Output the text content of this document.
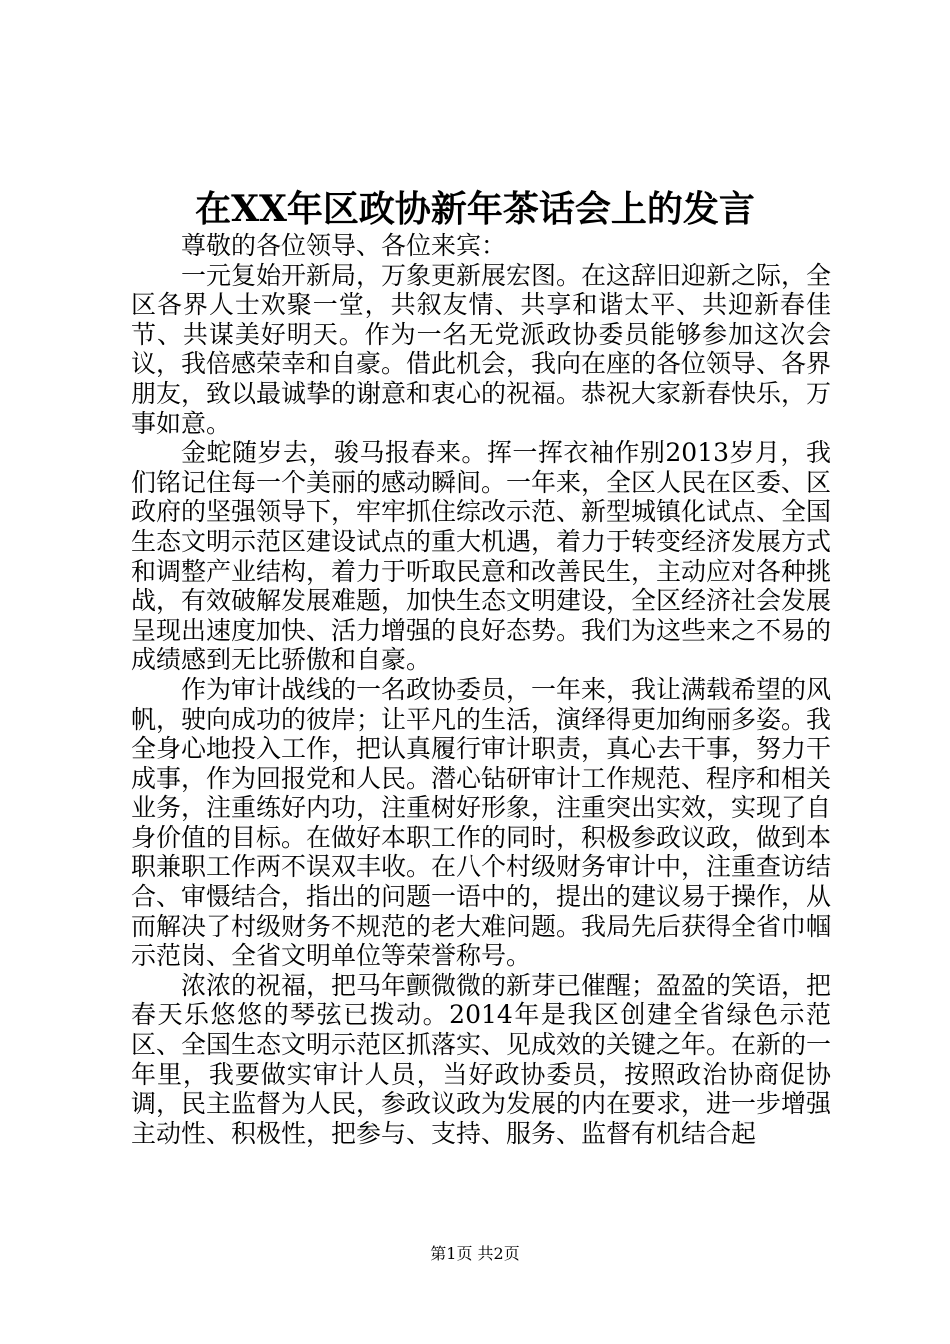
在XX年区政协新年茶话会上的发言

尊敬的各位领导、各位来宾：

一元复始开新局，万象更新展宏图。在这辞旧迎新之际，全区各界人士欢聚一堂，共叙友情、共享和谐太平、共迎新春佳节、共谋美好明天。作为一名无党派政协委员能够参加这次会议，我倍感荣幸和自豪。借此机会，我向在座的各位领导、各界朋友，致以最诚挚的谢意和衷心的祝福。恭祝大家新春快乐，万事如意。

金蛇随岁去，骏马报春来。挥一挥衣袖作别2013岁月，我们铭记住每一个美丽的感动瞬间。一年来，全区人民在区委、区政府的坚强领导下，牢牢抓住综改示范、新型城镇化试点、全国生态文明示范区建设试点的重大机遇，着力于转变经济发展方式和调整产业结构，着力于听取民意和改善民生，主动应对各种挑战，有效破解发展难题，加快生态文明建设，全区经济社会发展呈现出速度加快、活力增强的良好态势。我们为这些来之不易的成绩感到无比骄傲和自豪。

作为审计战线的一名政协委员，一年来，我让满载希望的风帆，驶向成功的彼岸；让平凡的生活，演绎得更加绚丽多姿。我全身心地投入工作，把认真履行审计职责，真心去干事，努力干成事，作为回报党和人民。潜心钻研审计工作规范、程序和相关业务，注重练好内功，注重树好形象，注重突出实效，实现了自身价值的目标。在做好本职工作的同时，积极参政议政，做到本职兼职工作两不误双丰收。在八个村级财务审计中，注重查访结合、审慑结合，指出的问题一语中的，提出的建议易于操作，从而解决了村级财务不规范的老大难问题。我局先后获得全省巾帼示范岗、全省文明单位等荣誉称号。

浓浓的祝福，把马年颤微微的新芽已催醒；盈盈的笑语，把春天乐悠悠的琴弦已拨动。2014年是我区创建全省绿色示范区、全国生态文明示范区抓落实、见成效的关键之年。在新的一年里，我要做实审计人员，当好政协委员，按照政治协商促协调，民主监督为人民，参政议政为发展的内在要求，进一步增强主动性、积极性，把参与、支持、服务、监督有机结合起

第1页 共2页
